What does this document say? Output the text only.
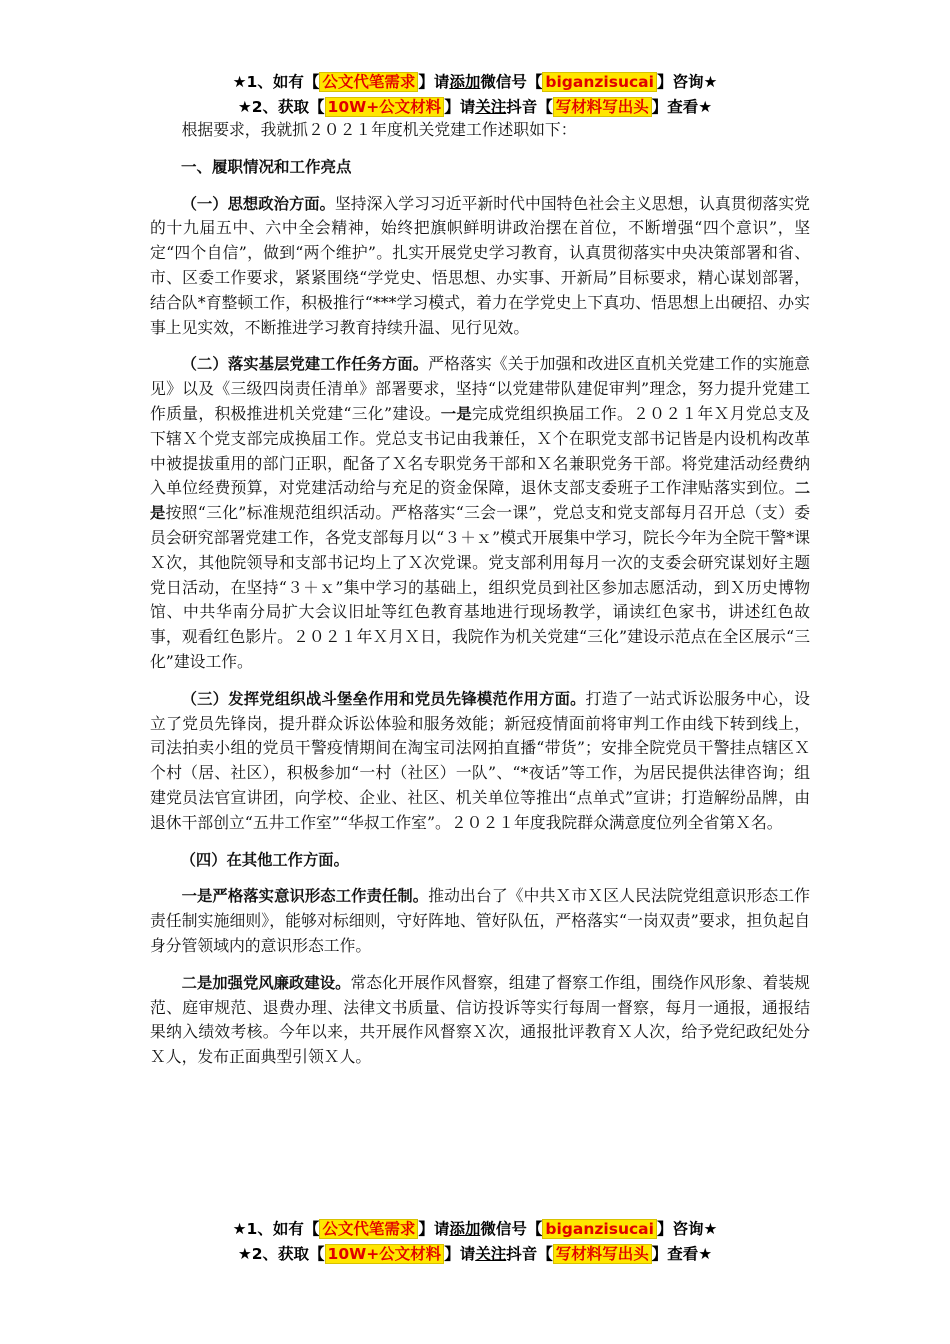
★1、如有【 公文代笔需求 】请添加微信号【 biganzisucai 】咨询★
★2、获取【 10W+公文材料 】请关注抖音【 写材料写出头 】查看★

根据要求，我就抓２０２１年度机关党建工作述职如下：

一、履职情况和工作亮点

（一）思想政治方面。坚持深入学习习近平新时代中国特色社会主义思想，认真贯彻落实党的十九届五中、六中全会精神，始终把旗帜鲜明讲政治摆在首位，不断增强“四个意识”，坚定“四个自信”，做到“两个维护”。扎实开展党史学习教育，认真贯彻落实中央决策部署和省、市、区委工作要求，紧紧围绕“学党史、悟思想、办实事、开新局”目标要求，精心谋划部署，结合队*育整顿工作，积极推行“***学习模式，着力在学党史上下真功、悟思想上出硬招、办实事上见实效，不断推进学习教育持续升温、见行见效。

（二）落实基层党建工作任务方面。严格落实《关于加强和改进区直机关党建工作的实施意见》以及《三级四岗责任清单》部署要求，坚持“以党建带队建促审判”理念，努力提升党建工作质量，积极推进机关党建“三化”建设。一是完成党组织换届工作。２０２１年Ｘ月党总支及下辖Ｘ个党支部完成换届工作。党总支书记由我兼任，Ｘ个在职党支部书记皆是内设机构改革中被提拔重用的部门正职，配备了Ｘ名专职党务干部和Ｘ名兼职党务干部。将党建活动经费纳入单位经费预算，对党建活动给与充足的资金保障，退休支部支委班子工作津贴落实到位。二是按照“三化”标准规范组织活动。严格落实“三会一课”，党总支和党支部每月召开总（支）委员会研究部署党建工作，各党支部每月以“３＋ｘ”模式开展集中学习，院长今年为全院干警*课Ｘ次，其他院领导和支部书记均上了Ｘ次党课。党支部利用每月一次的支委会研究谋划好主题党日活动，在坚持“３＋ｘ”集中学习的基础上，组织党员到社区参加志愿活动，到Ｘ历史博物馆、中共华南分局扩大会议旧址等红色教育基地进行现场教学，诵读红色家书，讲述红色故事，观看红色影片。２０２１年Ｘ月Ｘ日，我院作为机关党建“三化”建设示范点在全区展示“三化”建设工作。

（三）发挥党组织战斗堡垒作用和党员先锋模范作用方面。打造了一站式诉讼服务中心，设立了党员先锋岗，提升群众诉讼体验和服务效能；新冠疫情面前将审判工作由线下转到线上，司法拍卖小组的党员干警疫情期间在淘宝司法网拍直播“带货”；安排全院党员干警挂点辖区Ｘ个村（居、社区），积极参加“一村（社区）一队”、“*夜话”等工作，为居民提供法律咨询；组建党员法官宣讲团，向学校、企业、社区、机关单位等推出“点单式”宣讲；打造解纷品牌，由退休干部创立“五井工作室”“华叔工作室”。２０２１年度我院群众满意度位列全省第Ｘ名。

（四）在其他工作方面。

一是严格落实意识形态工作责任制。推动出台了《中共Ｘ市Ｘ区人民法院党组意识形态工作责任制实施细则》，能够对标细则，守好阵地、管好队伍，严格落实“一岗双责”要求，担负起自身分管领域内的意识形态工作。

二是加强党风廉政建设。常态化开展作风督察，组建了督察工作组，围绕作风形象、着装规范、庭审规范、退费办理、法律文书质量、信访投诉等实行每周一督察，每月一通报，通报结果纳入绩效考核。今年以来，共开展作风督察Ｘ次，通报批评教育Ｘ人次，给予党纪政纪处分Ｘ人，发布正面典型引领Ｘ人。

★1、如有【 公文代笔需求 】请添加微信号【 biganzisucai 】咨询★
★2、获取【 10W+公文材料 】请关注抖音【 写材料写出头 】查看★
